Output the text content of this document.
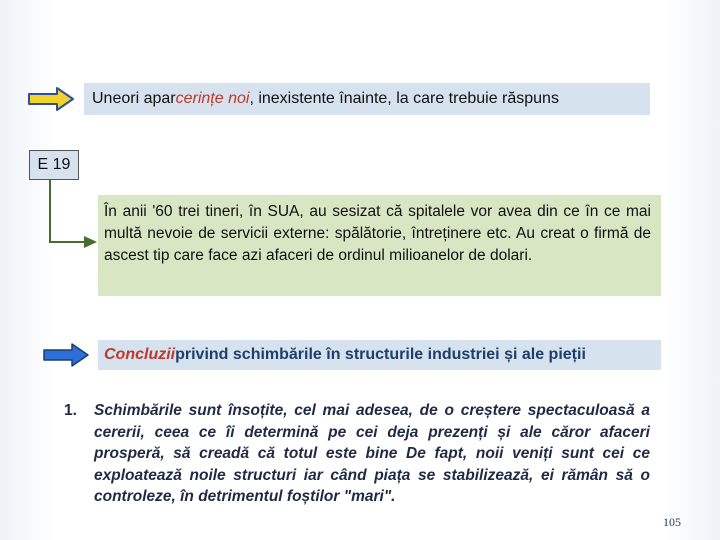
Uneori apar cerințe noi , inexistente înainte, la care trebuie răspuns
E 19
În anii '60 trei tineri, în SUA, au sesizat că spitalele vor avea din ce în ce mai multă nevoie de servicii externe: spălătorie, întreținere etc. Au creat o firmă de ascest tip care face azi afaceri de ordinul milioanelor de dolari.
Concluzii privind schimbările în structurile industriei și ale pieții
1. Schimbările sunt însoțite, cel mai adesea, de o creștere spectaculoasă a cererii, ceea ce îi determină pe cei deja prezenți și ale căror afaceri prosperă, să creadă că totul este bine De fapt, noii veniți sunt cei ce exploatează noile structuri iar când piața se stabilizează, ei rămân să o controleze, în detrimentul foștilor "mari".
105
